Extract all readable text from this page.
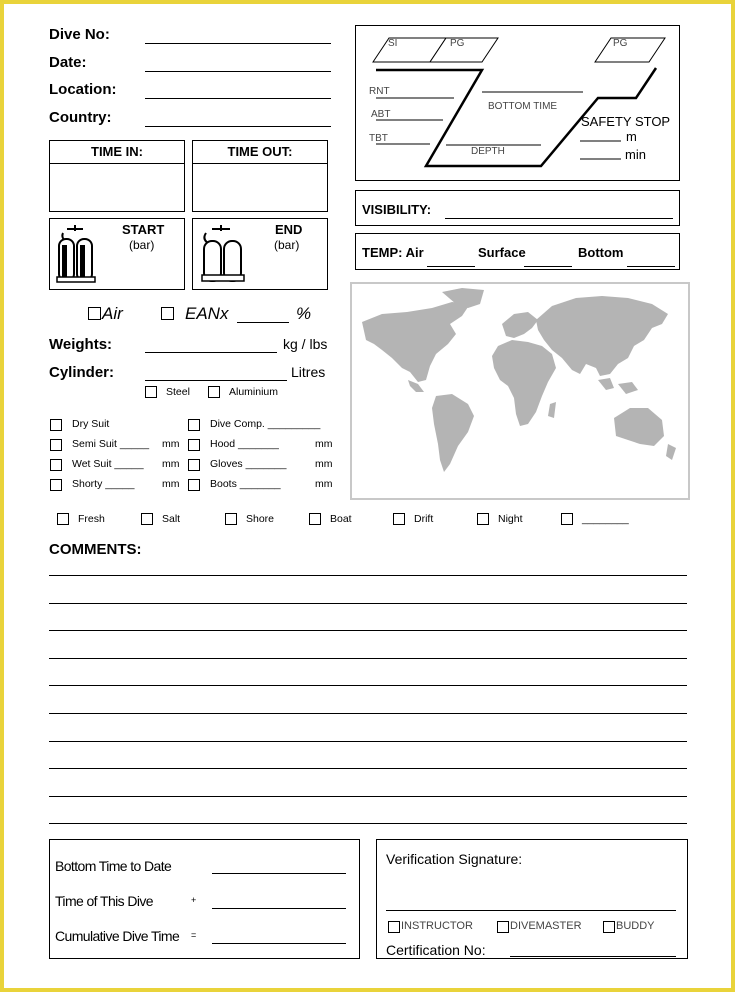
Dive No:
Date:
Location:
Country:
TIME IN:	TIME OUT:
START
(bar)
END
(bar)
Air	EANx	%
Weights:	kg / lbs
Cylinder:	Litres
Steel	Aluminium
Dry Suit
Semi Suit _____ mm
Wet Suit _____ mm
Shorty _____	mm
Dive Comp. _________
Hood _______	mm
Gloves _______	mm
Boots _______	mm
Fresh	Salt	Shore	Boat	Drift	Night	________
SI	PG	PG
RNT
ABT
TBT
BOTTOM TIME
DEPTH
SAFETY STOP
m
min
VISIBILITY:
TEMP: Air	Surface	Bottom
COMMENTS:
Bottom Time to Date
Time of This Dive	+
Cumulative Dive Time =
Verification Signature:
INSTRUCTOR	DIVEMASTER	BUDDY
Certification No:
